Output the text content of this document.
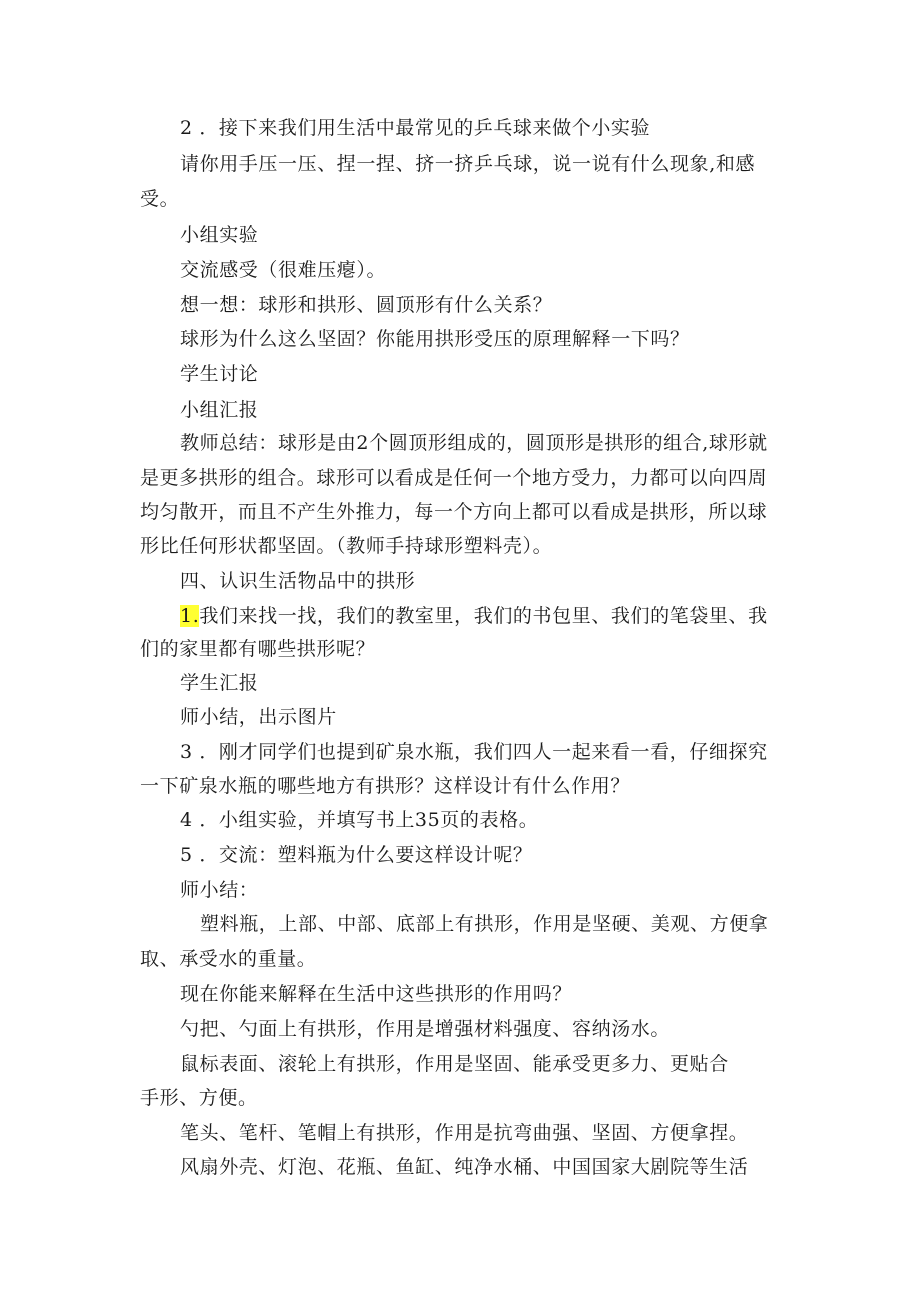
2 ．接下来我们用生活中最常见的乒乓球来做个小实验
请你用手压一压、捏一捏、挤一挤乒乓球，说一说有什么现象,和感
受。
小组实验
交流感受（很难压瘪）。
想一想：球形和拱形、圆顶形有什么关系？
球形为什么这么坚固？你能用拱形受压的原理解释一下吗？
学生讨论
小组汇报
教师总结：球形是由2个圆顶形组成的，圆顶形是拱形的组合,球形就
是更多拱形的组合。球形可以看成是任何一个地方受力，力都可以向四周
均匀散开，而且不产生外推力，每一个方向上都可以看成是拱形，所以球
形比任何形状都坚固。（教师手持球形塑料壳）。
四、认识生活物品中的拱形
1.我们来找一找，我们的教室里，我们的书包里、我们的笔袋里、我
们的家里都有哪些拱形呢？
学生汇报
师小结，出示图片
3 ．刚才同学们也提到矿泉水瓶，我们四人一起来看一看，仔细探究
一下矿泉水瓶的哪些地方有拱形？这样设计有什么作用？
4 ．小组实验，并填写书上35页的表格。
5 ．交流：塑料瓶为什么要这样设计呢？
师小结：
塑料瓶，上部、中部、底部上有拱形，作用是坚硬、美观、方便拿
取、承受水的重量。
现在你能来解释在生活中这些拱形的作用吗？
勺把、勺面上有拱形，作用是增强材料强度、容纳汤水。
鼠标表面、滚轮上有拱形，作用是坚固、能承受更多力、更贴合
手形、方便。
笔头、笔杆、笔帽上有拱形，作用是抗弯曲强、坚固、方便拿捏。
风扇外壳、灯泡、花瓶、鱼缸、纯净水桶、中国国家大剧院等生活
